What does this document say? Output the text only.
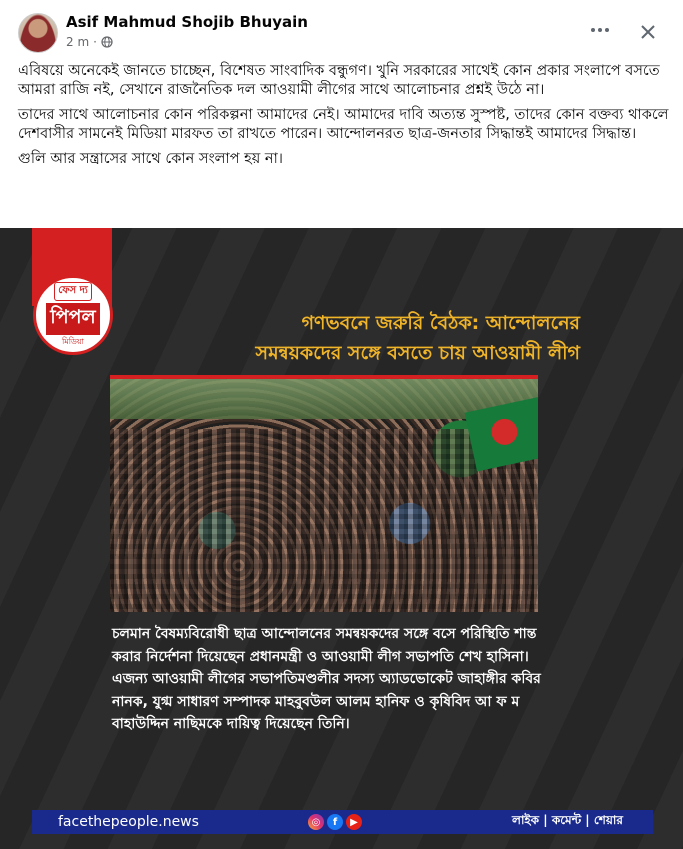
Asif Mahmud Shojib Bhuyain
2 m ·

এবিষয়ে অনেকেই জানতে চাচ্ছেন, বিশেষত সাংবাদিক বন্ধুগণ। খুনি সরকারের সাথেই কোন প্রকার সংলাপে বসতে আমরা রাজি নই, সেখানে রাজনৈতিক দল আওয়ামী লীগের সাথে আলোচনার প্রশ্নই উঠে না।

তাদের সাথে আলোচনার কোন পরিকল্পনা আমাদের নেই। আমাদের দাবি অত্যন্ত সুস্পষ্ট, তাদের কোন বক্তব্য থাকলে দেশবাসীর সামনেই মিডিয়া মারফত তা রাখতে পারেন। আন্দোলনরত ছাত্র-জনতার সিদ্ধান্তই আমাদের সিদ্ধান্ত।

গুলি আর সন্ত্রাসের সাথে কোন সংলাপ হয় না।

ফেস দ্য
পিপল
মিডিয়া
গণভবনে জরুরি বৈঠক: আন্দোলনের
সমন্বয়কদের সঙ্গে বসতে চায় আওয়ামী লীগ
চলমান বৈষম্যবিরোধী ছাত্র আন্দোলনের সমন্বয়কদের সঙ্গে বসে পরিস্থিতি শান্ত করার নির্দেশনা দিয়েছেন প্রধানমন্ত্রী ও আওয়ামী লীগ সভাপতি শেখ হাসিনা। এজন্য আওয়ামী লীগের সভাপতিমণ্ডলীর সদস্য অ্যাডভোকেট জাহাঙ্গীর কবির নানক, যুগ্ম সাধারণ সম্পাদক মাহবুবউল আলম হানিফ ও কৃষিবিদ আ ফ ম বাহাউদ্দিন নাছিমকে দায়িত্ব দিয়েছেন তিনি।
facethepeople.news	◎	f	▶	লাইক | কমেন্ট | শেয়ার
